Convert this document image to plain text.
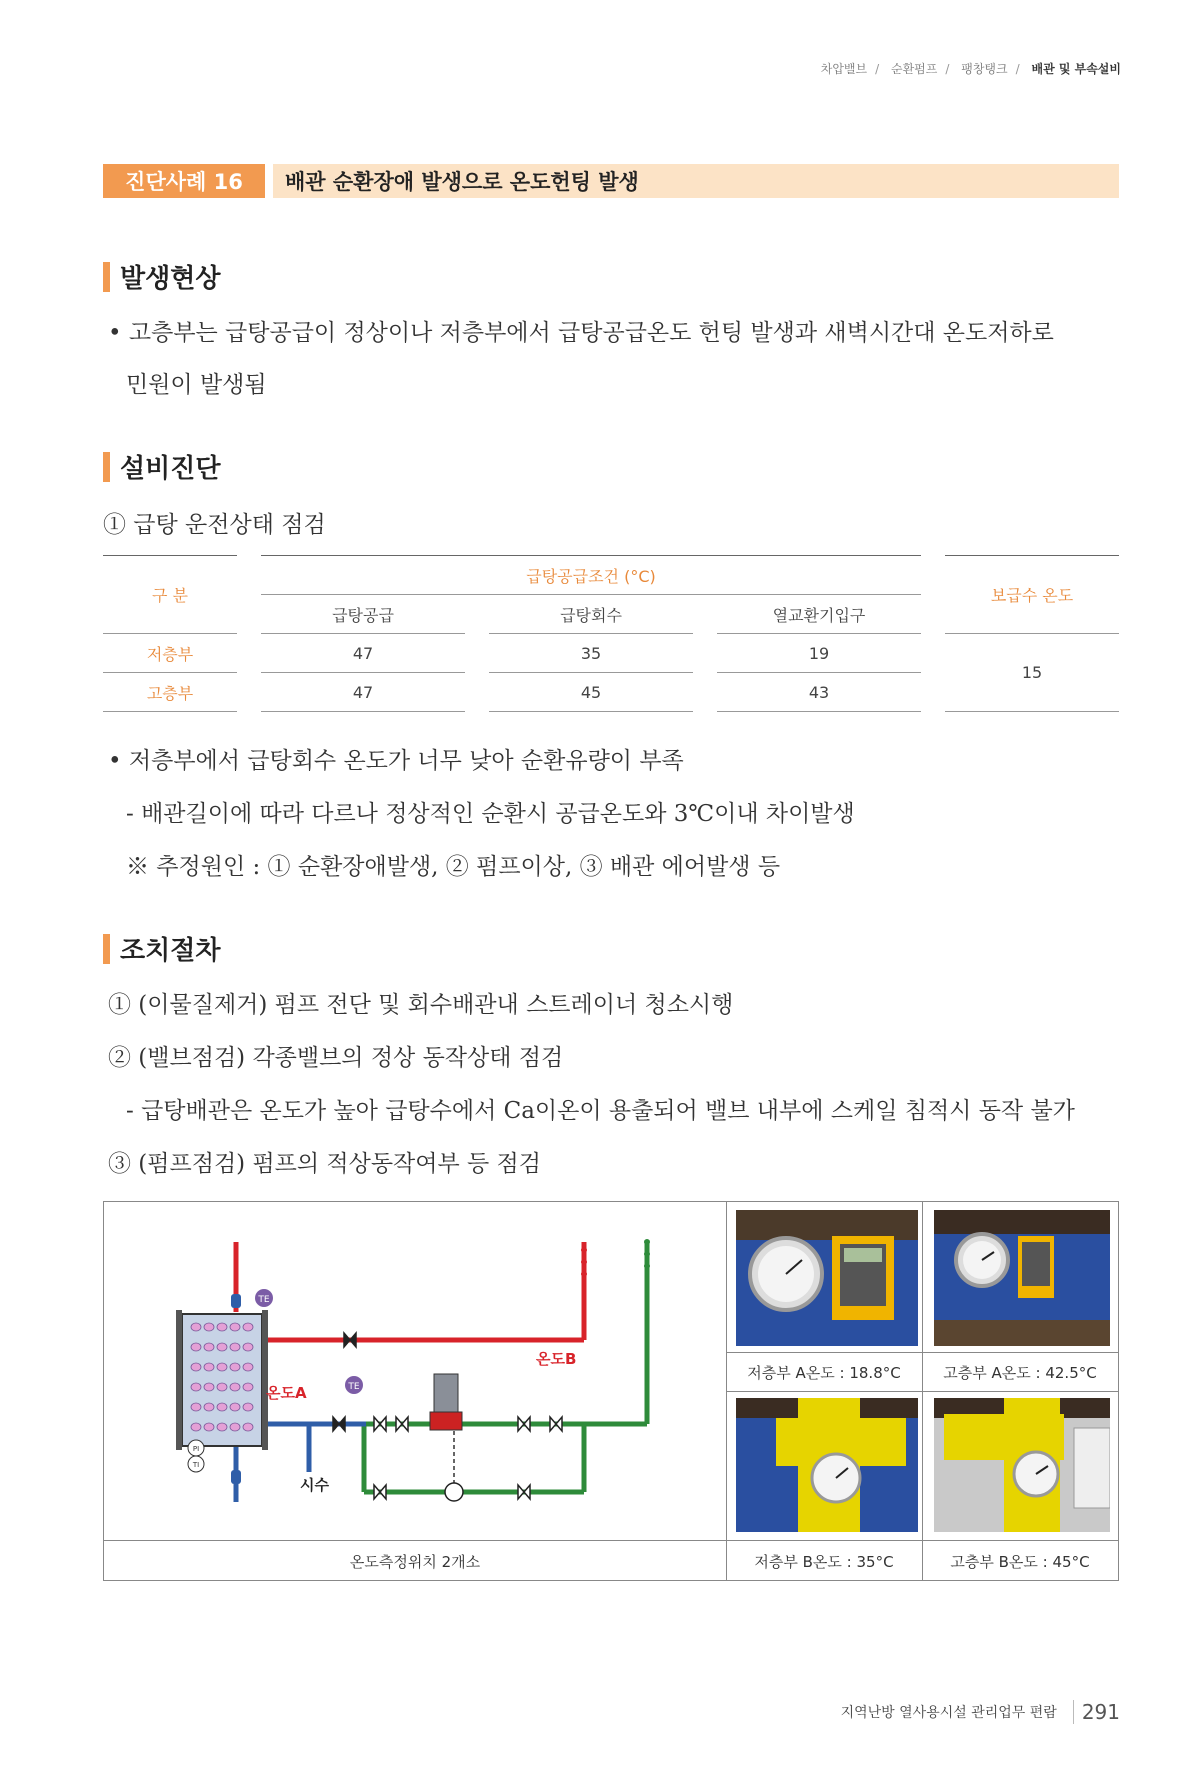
차압밸브 / 순환펌프 / 팽창탱크 / 배관 및 부속설비
진단사례 16	배관 순환장애 발생으로 온도헌팅 발생
발생현상
• 고층부는 급탕공급이 정상이나 저층부에서 급탕공급온도 헌팅 발생과 새벽시간대 온도저하로
민원이 발생됨
설비진단
① 급탕 운전상태 점검
구 분		급탕공급조건 (°C)						보급수 온도
		급탕공급		급탕회수		열교환기입구		
저층부		47		35		19		15
고층부		47		45		43		
• 저층부에서 급탕회수 온도가 너무 낮아 순환유량이 부족
- 배관길이에 따라 다르나 정상적인 순환시 공급온도와 3℃이내 차이발생
※ 추정원인 : ① 순환장애발생, ② 펌프이상, ③ 배관 에어발생 등
조치절차
① (이물질제거) 펌프 전단 및 회수배관내 스트레이너 청소시행
② (밸브점검) 각종밸브의 정상 동작상태 점검
- 급탕배관은 온도가 높아 급탕수에서 Ca이온이 용출되어 밸브 내부에 스케일 침적시 동작 불가
③ (펌프점검) 펌프의 적상동작여부 등 점검
TE
TE
PI
TI
온도A
온도B
시수
온도측정위치 2개소
저층부 A온도 : 18.8°C	고층부 A온도 : 42.5°C
저층부 B온도 : 35°C	고층부 B온도 : 45°C
지역난방 열사용시설 관리업무 편람	291
